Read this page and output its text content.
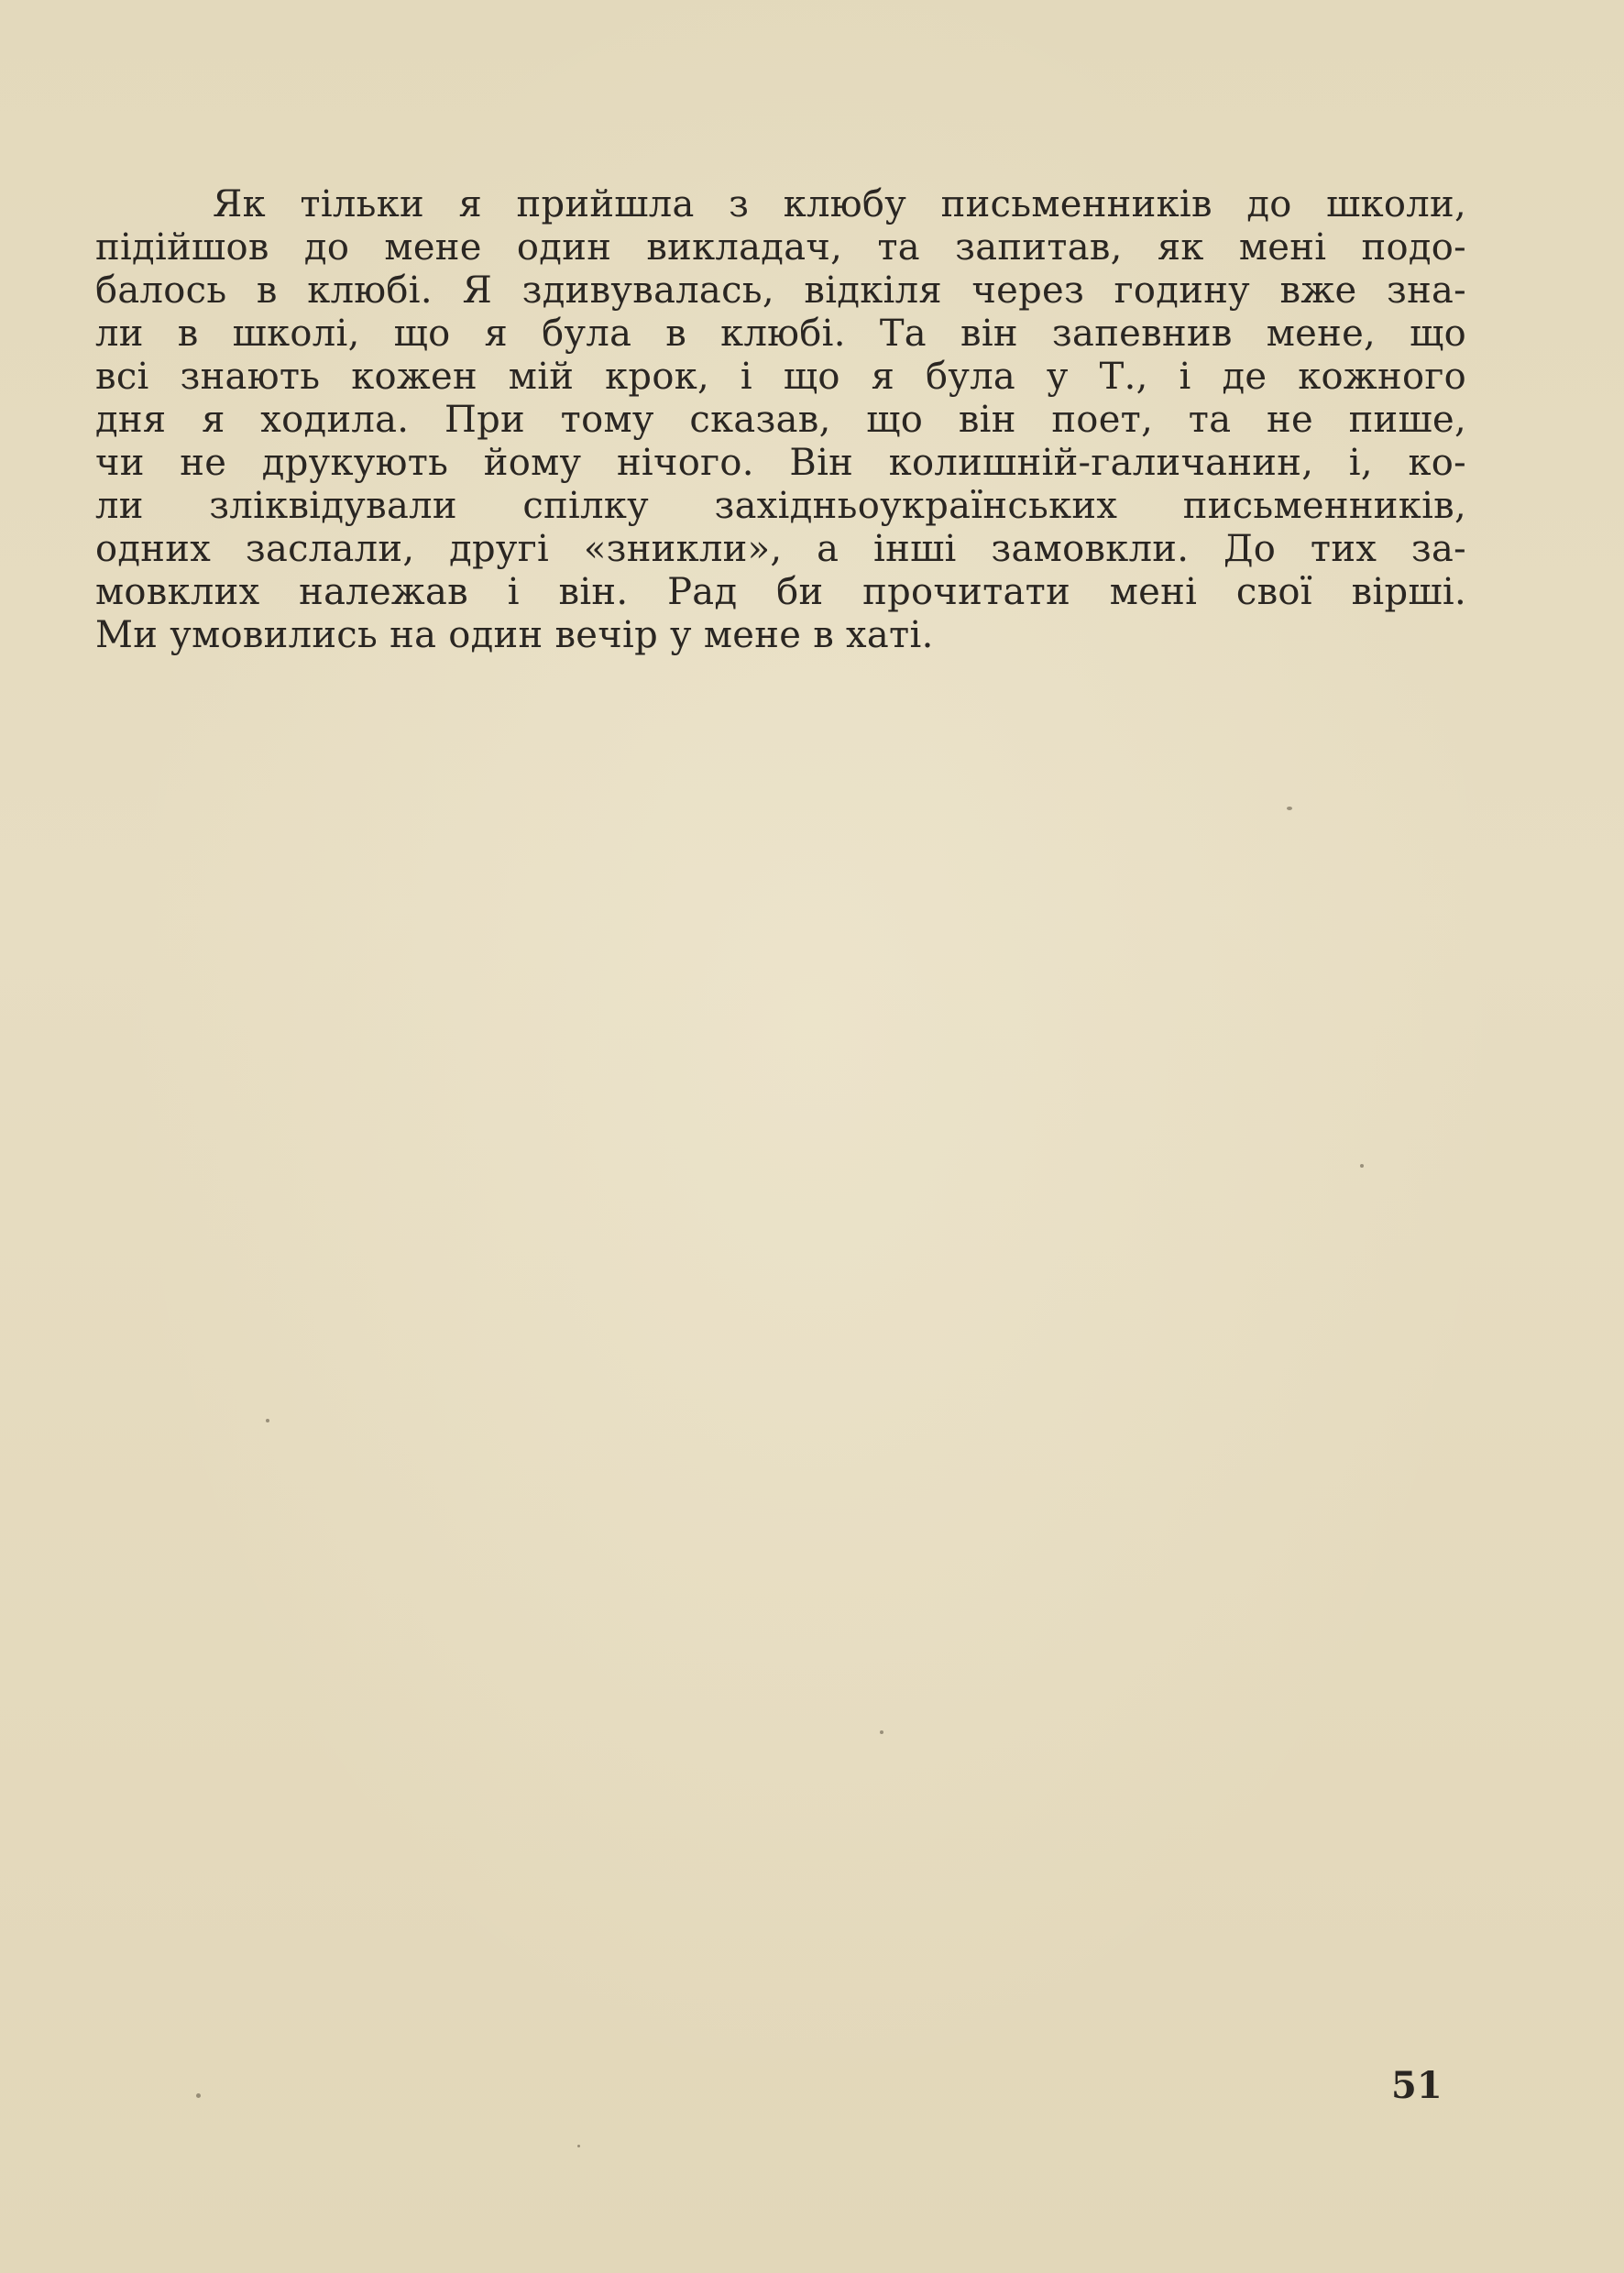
Як тільки я прийшла з клюбу письменників до школи,
підійшов до мене один викладач, та запитав, як мені подо-
балось в клюбі. Я здивувалась, відкіля через годину вже зна-
ли в школі, що я була в клюбі. Та він запевнив мене, що
всі знають кожен мій крок, і що я була у Т., і де кожного
дня я ходила. При тому сказав, що він поет, та не пише,
чи не друкують йому нічого. Він колишній-галичанин, і, ко-
ли зліквідували спілку західньоукраїнських письменників,
одних заслали, другі «зникли», а інші замовкли. До тих за-
мовклих належав і він. Рад би прочитати мені свої вірші.
Ми умовились на один вечір у мене в хаті.
51
